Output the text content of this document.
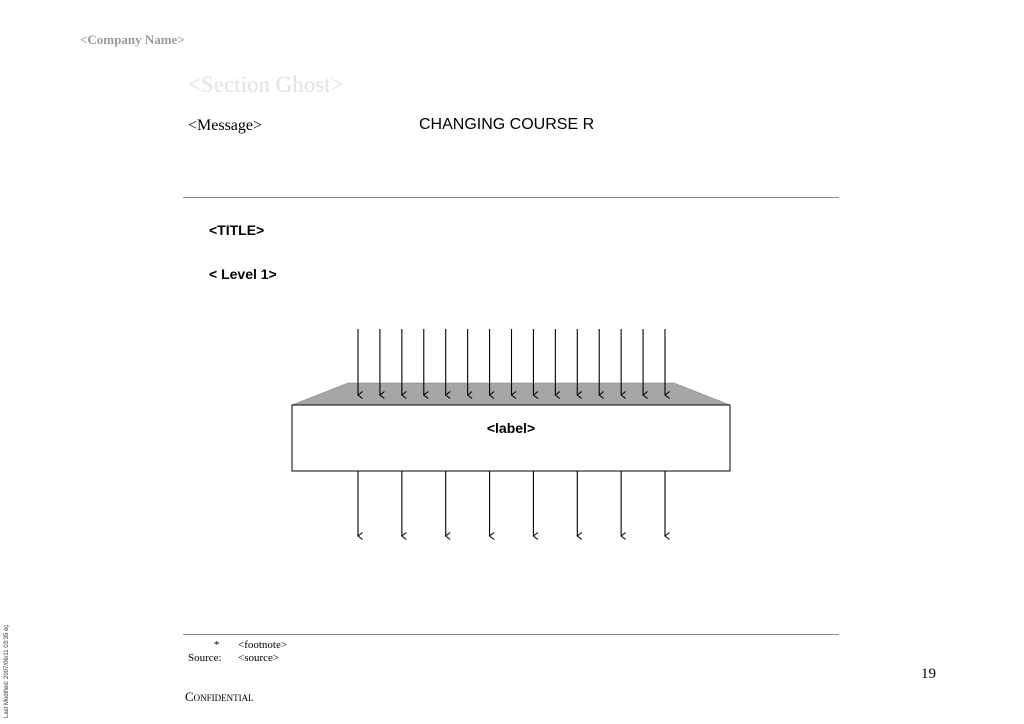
<Company Name>
<Section Ghost>
<Message>	CHANGING COURSE R
<TITLE>
< Level 1>
<label>
* <footnote>
Source: <source>
19
Confidential
Last Modified: 2007/06/11 03:35 èç
